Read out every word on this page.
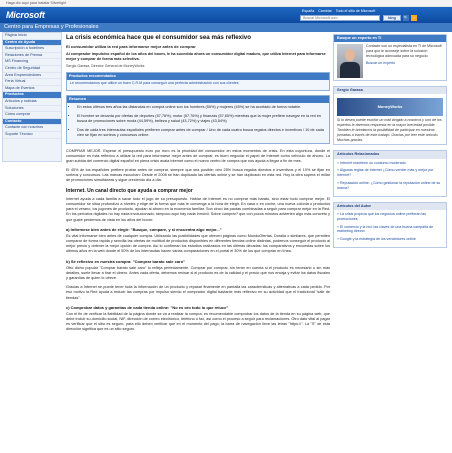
Haga clic aquí para instalar Silverlight
Microsoft	España Cambiar Todo el sitio de Microsoft
Buscar Microsoft.com	bing	🔍	›
Centro para Empresas y Profesionales
Página Inicio
Centro de Ayuda
Suscripción a boletines
Relaciones de Prensa
MS Financing
Centro de Seguridad
Área Emprendedores
Feria Virtual
Mapa de Eventos
Productos
Artículos y noticias
Soluciones
Cómo comprar
Contacto
Contacte con nosotros
Soporte Técnico
La crisis económica hace que el consumidor sea más reflexivo
El consumidor utiliza la red para informarse mejor antes de comprar
Al comprador impulsivo español de los años del boom, le ha sucedido ahora un consumidor digital maduro, que utiliza Internet para informarse mejor y comprar de forma más selectiva.
Sergio Garasa, Director General de MoneyWorks
Productos recomendados
Le recomendamos que utilice un buen C.R.M para conseguir una perfecta administración con sus clientes
Resumen
• En estos últimos tres años las distancias en compra online son los hombres (55%) y mujeres (45%) se ha acortado de forma notable.
• El hombre se decanta por ofertas de deportes (57,78%), motor (57,76%) y finanzas (57,65%) mientras que la mujer prefiere navegar en la red en busca de promociones sobre moda (44,59%), belleza y salud (43,72%) y viajes (43,54%)
• Dos de cada tres internautas españoles prefieren comprar antes de comprar / Uno de cada cuatro busca regalos directos e inventivos / 10 de cada cien se fijan en sorteos y concursos online.
COMPRAR MEJOR. Esperar el presupuesto euro por euro es la prioridad del consumidor en estos momentos de crisis. En esta coyuntura, donde el consumidor es más reflexivo a utilizar la red para informarse mejor antes de comprar, es buen negociar el papel de Internet como vehículo de ahorro. La gran subida del comercio digital español en plena crisis avala Internet como el nuevo centro de compra que nos ayuda a llegar a fin de mes.
El 45% de los españoles prefiere probar antes de comprar, siempre que sea posible; otro 25% busca regalos directos e inventivos y el 10% se fijan en sorteos y concursos. Las marcas escuchan: Desde el 2008 se han duplicado las ofertas online y se han duplicado en esta red. Hoy la cifra supera el millar de promociones simultáneas y sigue creciendo día a día.
Internet. Un canal directo que ayuda a comprar mejor
Internet ayuda a cada familia a sacar todo el jugo de su presupuesto. Hablar de Internet es no comprar más barato, sino estar todo comprar mejor. El consumidor se sitúa profundizó a niveles y elige de la forma que más le convenga a la hora de elegir. En casa o en coche, una nueva colonia o productos para el verano, los jugones de producto, ayudan al ahorro en la economía familiar. Son cinco las pautas combinadas a seguir para comprar mejor en la Red. En los períodos digitales no hay nada involucionado, tampoco aquí hay nada inmóvil. Sobre comprar? que con pocos minutos advierten algo más concreto y que guste perdemos de vista en los años del boom:
a) Infórmese bien antes de elegir: "Busque, compare, y si encuentra algo mejor..."
Es vital informarse bien antes de cualquier compra. Utilizando las posibilidades que ofrecen páginas como MundoOfertas, Doralia o similares, que permiten comparar de forma rápida y sencilla las ofertas de multitud de productos disponibles en diferentes tiendas online distintas, podemos conseguir el producto al mejor precio y obtener la mejor opción de compra. Así lo confirman los estudios realizados en las últimas décadas: los comparativos y encuestas sobre los últimos años en la web donde el 50% de los internautas hacen varias comparaciones en el portal el 30% de los que compran en línea.
b) Sé reflexivo en nuestra compra: "Comprar barato sale caro"
Otro dicho popular "Comprar barato sale caro" lo refleja perfectamente. Comprar por comprar, sin tener en cuenta si el producto es necesario o sin más detalles, suele llevar a tirar el dinero. Antes cada oferta, debemos revisar si el producto es de la calidad y el precio que nos encaja y evitar los datos fiscales y garantías de quien lo ofrece.
Gracias a Internet se puede tener toda la información de un producto y repasar finamente en pantalla las características y alternativas a cada pedido. Por eso motivo la Red ayuda a reducir las compras por impulso siendo el comprador digital bastante más reflexivo en su actividad que el tradicional "salir de tiendas".
c) Comprobar datos y garantías de cada tienda online: "No es oro todo lo que reluce"
Con el fin de verificar la fiabilidad de la página donde se va a realizar la compra, es recomendable comprobar los datos de la tienda en su página web, que debe incluir su domicilio social, NIF, dirección de correo electrónico, teléfono o fax, así como el proceso a seguir para reclamaciones. Otro dato vital al pagar es verificar que el sitio es seguro, para ello deben verificar que en el momento del pago, la barra de navegación lleve las letras "https://". La "S" de esta dirección significa que es un sitio seguro.
Busque un experto en TI
Contacte con un especialista en TI de Microsoft para que le aconseje sobre la solución tecnológica adecuada para su negocio.
Buscar un experto
Sergio Garasa
MoneyWorks
Si lo desea puede escribir un mail dirigido a nosotros y uno de los expertos le daremos respuesta en la mayor brevedad posible. También le brindamos la posibilidad de participar en nuestras jornadas a través de este trabajo. Gracias por leer este artículo. Muchas gracias.
Artículos Relacionados
» Internet mantiene un consumo moderado
» Algunas reglas de Internet ¿Cómo vender más y mejor por Internet?
» Reputación online: ¿Cómo gestionar la reputación online de su marca?
Artículos del Autor
» La crisis propicia que los negocios online prefieran las promociones
» El comercio y la red: las claves de una buena campaña de marketing directo
» Google y la estrategia de los vendedores online
